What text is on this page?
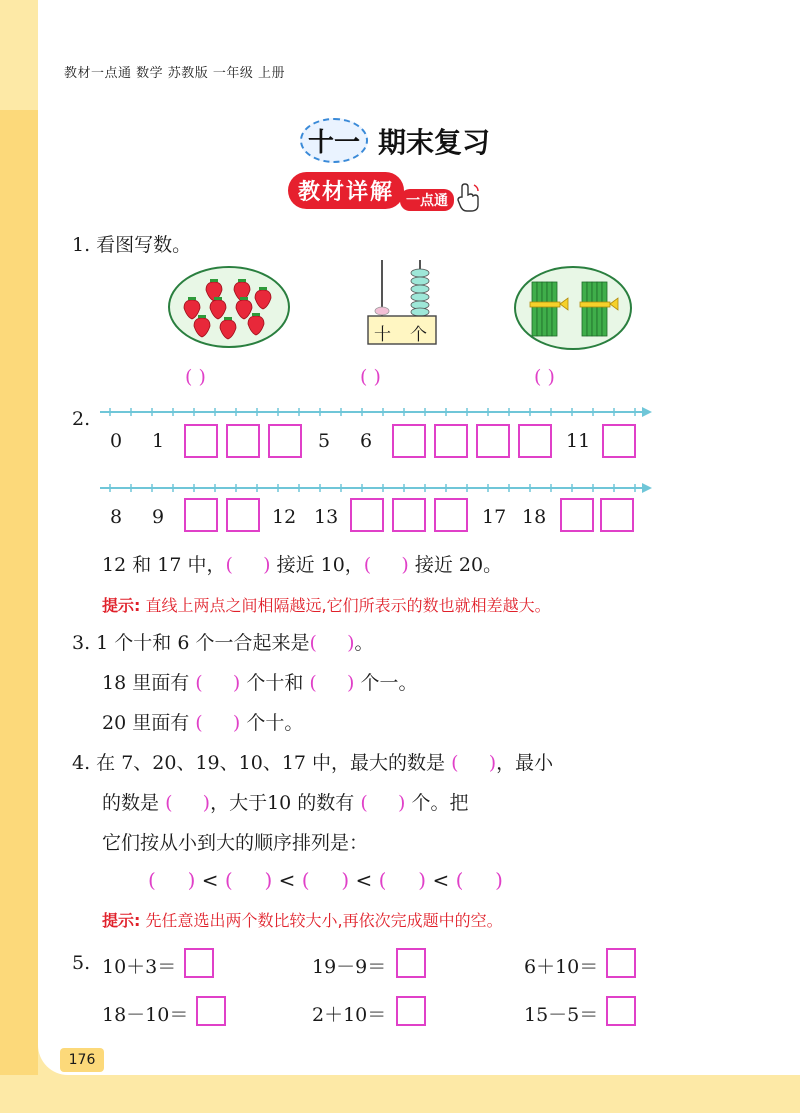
教材一点通 数学 苏教版 一年级 上册
十一 期末复习
教材详解 一点通
1. 看图写数。
十 个
( )	( )	( )
2.
0 1	5 6	11
8 9	12 13	17 18
12 和 17 中，(     ) 接近 10，(     ) 接近 20。
提示: 直线上两点之间相隔越远,它们所表示的数也就相差越大。
3. 1 个十和 6 个一合起来是(     )。
18 里面有 (     ) 个十和 (     ) 个一。
20 里面有 (     ) 个十。
4. 在 7、20、19、10、17 中，最大的数是 (     )，最小
的数是 (     )，大于10 的数有 (     ) 个。把
它们按从小到大的顺序排列是：
(     ) < (     ) < (     ) < (     ) < (     )
提示: 先任意选出两个数比较大小,再依次完成题中的空。
5. 10＋3＝	19－9＝	6＋10＝
18－10＝	2＋10＝	15－5＝
176
